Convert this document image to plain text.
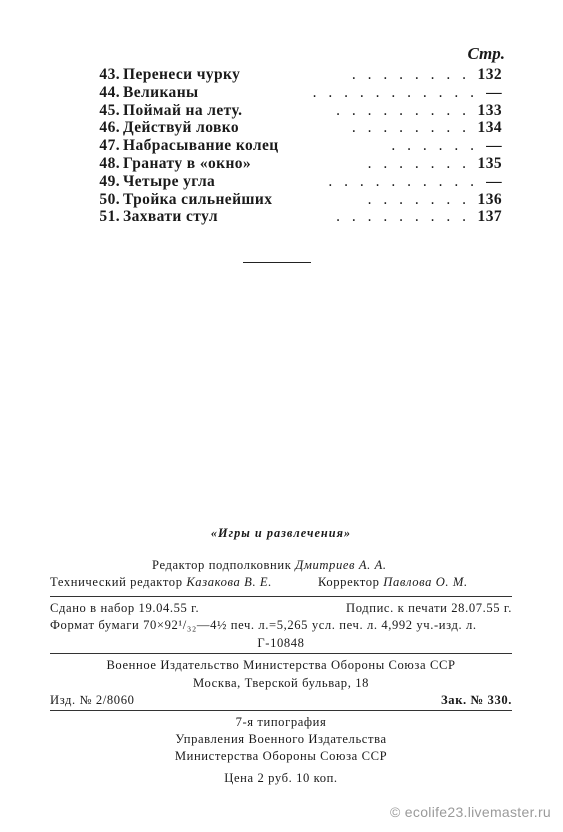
Стр.
43. Перенеси чурку	. . . . . . . . 132
44. Великаны	. . . . . . . . . . . —
45. Поймай на лету.	. . . . . . . . . 133
46. Действуй ловко	. . . . . . . . 134
47. Набрасывание колец	. . . . . . —
48. Гранату в «окно»	. . . . . . . 135
49. Четыре угла	. . . . . . . . . . —
50. Тройка сильнейших	. . . . . . . 136
51. Захвати стул	. . . . . . . . . 137
«Игры и развлечения»
Редактор подполковник Дмитриев А. А.
Технический редактор Казакова В. Е.	Корректор Павлова О. М.
Сдано в набор 19.04.55 г.	Подпис. к печати 28.07.55 г.
Формат бумаги 70×92¹/₃₂—4½ печ. л.=5,265 усл. печ. л. 4,992 уч.-изд. л.
Г-10848
Военное Издательство Министерства Обороны Союза ССР
Москва, Тверской бульвар, 18
Изд. № 2/8060	Зак. № 330.
7-я типография
Управления Военного Издательства
Министерства Обороны Союза ССР
Цена 2 руб. 10 коп.
© ecolife23.livemaster.ru
